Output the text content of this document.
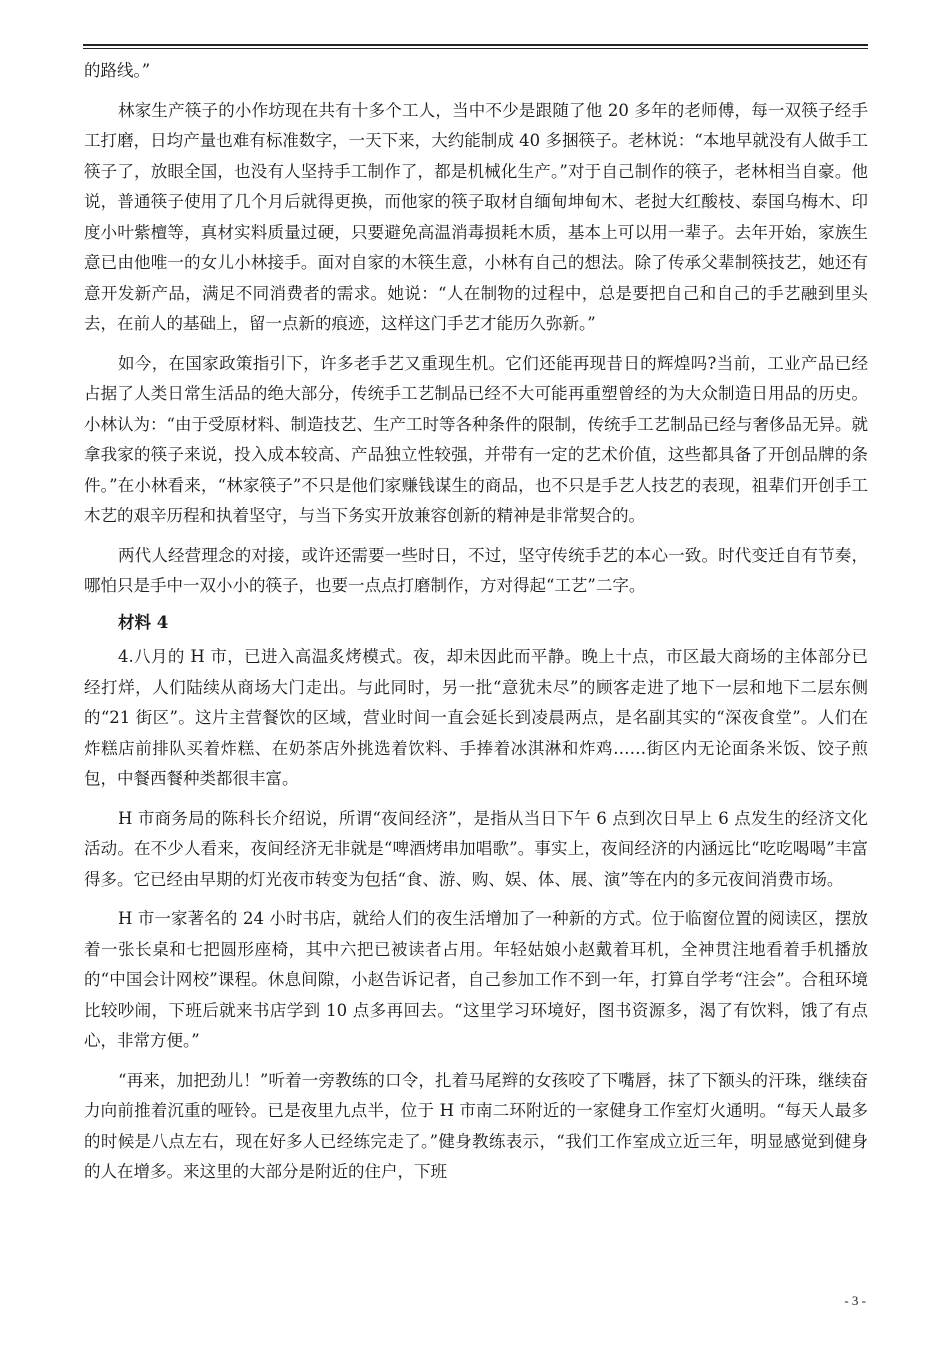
的路线。”

林家生产筷子的小作坊现在共有十多个工人，当中不少是跟随了他 20 多年的老师傅，每一双筷子经手工打磨，日均产量也难有标准数字，一天下来，大约能制成 40 多捆筷子。老林说：“本地早就没有人做手工筷子了，放眼全国，也没有人坚持手工制作了，都是机械化生产。”对于自己制作的筷子，老林相当自豪。他说，普通筷子使用了几个月后就得更换，而他家的筷子取材自缅甸坤甸木、老挝大红酸枝、泰国乌梅木、印度小叶紫檀等，真材实料质量过硬，只要避免高温消毒损耗木质，基本上可以用一辈子。去年开始，家族生意已由他唯一的女儿小林接手。面对自家的木筷生意，小林有自己的想法。除了传承父辈制筷技艺，她还有意开发新产品，满足不同消费者的需求。她说：“人在制物的过程中，总是要把自己和自己的手艺融到里头去，在前人的基础上，留一点新的痕迹，这样这门手艺才能历久弥新。”

如今，在国家政策指引下，许多老手艺又重现生机。它们还能再现昔日的辉煌吗?当前，工业产品已经占据了人类日常生活品的绝大部分，传统手工艺制品已经不大可能再重塑曾经的为大众制造日用品的历史。小林认为：“由于受原材料、制造技艺、生产工时等各种条件的限制，传统手工艺制品已经与奢侈品无异。就拿我家的筷子来说，投入成本较高、产品独立性较强，并带有一定的艺术价值，这些都具备了开创品牌的条件。”在小林看来，“林家筷子”不只是他们家赚钱谋生的商品，也不只是手艺人技艺的表现，祖辈们开创手工木艺的艰辛历程和执着坚守，与当下务实开放兼容创新的精神是非常契合的。

两代人经营理念的对接，或许还需要一些时日，不过，坚守传统手艺的本心一致。时代变迁自有节奏，哪怕只是手中一双小小的筷子，也要一点点打磨制作，方对得起“工艺”二字。

材料 4

4.八月的 H 市，已进入高温炙烤模式。夜，却未因此而平静。晚上十点，市区最大商场的主体部分已经打烊，人们陆续从商场大门走出。与此同时，另一批“意犹未尽”的顾客走进了地下一层和地下二层东侧的“21 街区”。这片主营餐饮的区域，营业时间一直会延长到凌晨两点，是名副其实的“深夜食堂”。人们在炸糕店前排队买着炸糕、在奶茶店外挑选着饮料、手捧着冰淇淋和炸鸡……街区内无论面条米饭、饺子煎包，中餐西餐种类都很丰富。

H 市商务局的陈科长介绍说，所谓“夜间经济”，是指从当日下午 6 点到次日早上 6 点发生的经济文化活动。在不少人看来，夜间经济无非就是“啤酒烤串加唱歌”。事实上，夜间经济的内涵远比“吃吃喝喝”丰富得多。它已经由早期的灯光夜市转变为包括“食、游、购、娱、体、展、演”等在内的多元夜间消费市场。

H 市一家著名的 24 小时书店，就给人们的夜生活增加了一种新的方式。位于临窗位置的阅读区，摆放着一张长桌和七把圆形座椅，其中六把已被读者占用。年轻姑娘小赵戴着耳机，全神贯注地看着手机播放的“中国会计网校”课程。休息间隙，小赵告诉记者，自己参加工作不到一年，打算自学考“注会”。合租环境比较吵闹，下班后就来书店学到 10 点多再回去。“这里学习环境好，图书资源多，渴了有饮料，饿了有点心，非常方便。”

“再来，加把劲儿！”听着一旁教练的口令，扎着马尾辫的女孩咬了下嘴唇，抹了下额头的汗珠，继续奋力向前推着沉重的哑铃。已是夜里九点半，位于 H 市南二环附近的一家健身工作室灯火通明。“每天人最多的时候是八点左右，现在好多人已经练完走了。”健身教练表示，“我们工作室成立近三年，明显感觉到健身的人在增多。来这里的大部分是附近的住户，下班

- 3 -
